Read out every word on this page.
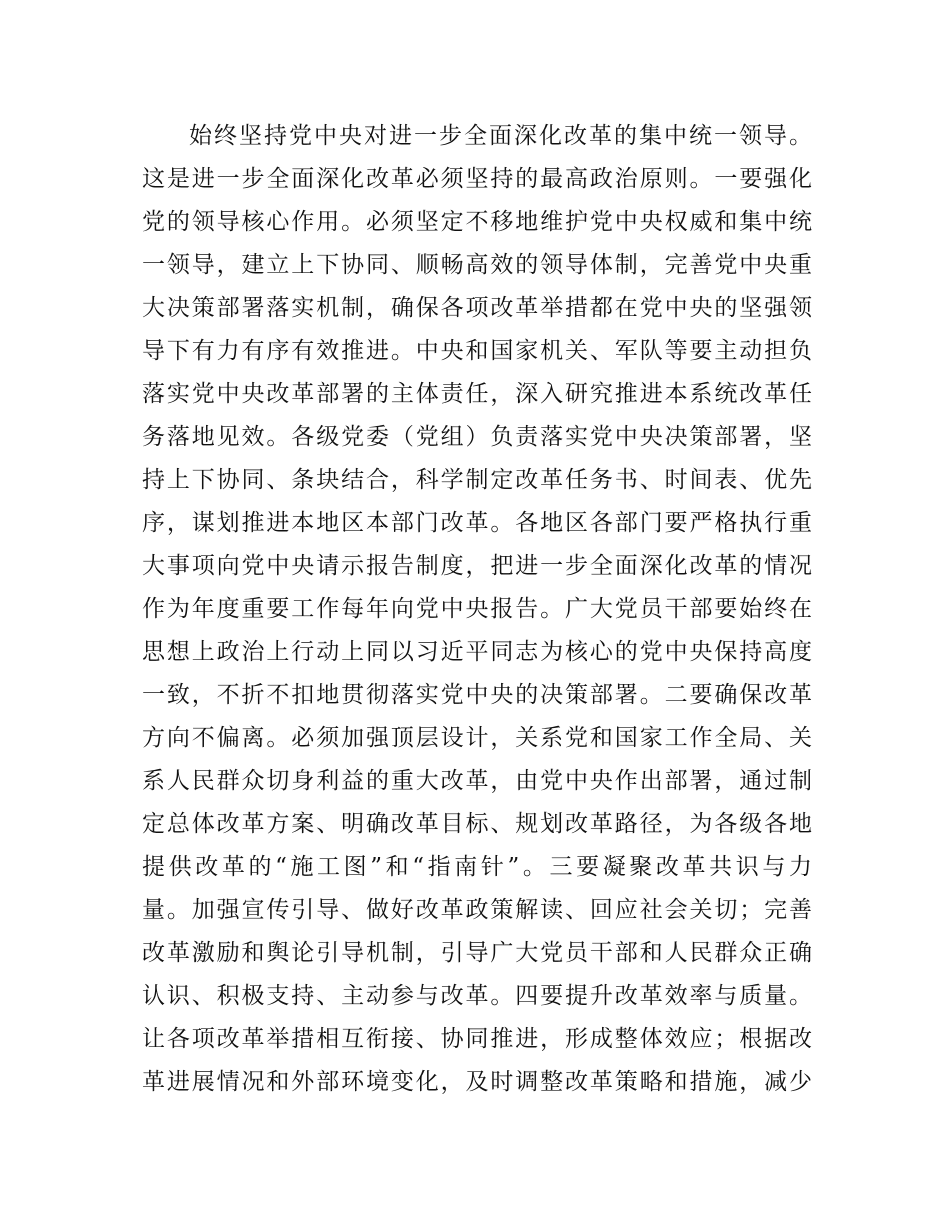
始终坚持党中央对进一步全面深化改革的集中统一领导。

这是进一步全面深化改革必须坚持的最高政治原则。一要强化

党的领导核心作用。必须坚定不移地维护党中央权威和集中统

一领导，建立上下协同、顺畅高效的领导体制，完善党中央重

大决策部署落实机制，确保各项改革举措都在党中央的坚强领

导下有力有序有效推进。中央和国家机关、军队等要主动担负

落实党中央改革部署的主体责任，深入研究推进本系统改革任

务落地见效。各级党委（党组）负责落实党中央决策部署，坚

持上下协同、条块结合，科学制定改革任务书、时间表、优先

序，谋划推进本地区本部门改革。各地区各部门要严格执行重

大事项向党中央请示报告制度，把进一步全面深化改革的情况

作为年度重要工作每年向党中央报告。广大党员干部要始终在

思想上政治上行动上同以习近平同志为核心的党中央保持高度

一致，不折不扣地贯彻落实党中央的决策部署。二要确保改革

方向不偏离。必须加强顶层设计，关系党和国家工作全局、关

系人民群众切身利益的重大改革，由党中央作出部署，通过制

定总体改革方案、明确改革目标、规划改革路径，为各级各地

提供改革的“施工图”和“指南针”。三要凝聚改革共识与力

量。加强宣传引导、做好改革政策解读、回应社会关切；完善

改革激励和舆论引导机制，引导广大党员干部和人民群众正确

认识、积极支持、主动参与改革。四要提升改革效率与质量。

让各项改革举措相互衔接、协同推进，形成整体效应；根据改

革进展情况和外部环境变化，及时调整改革策略和措施，减少
